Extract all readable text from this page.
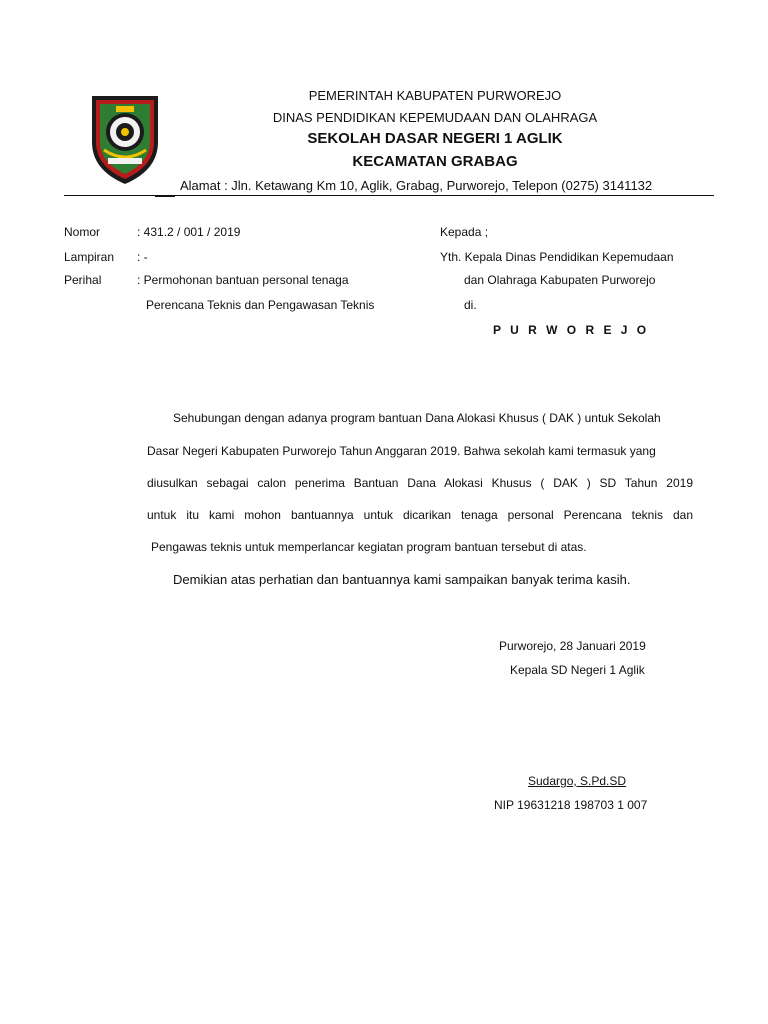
PEMERINTAH KABUPATEN PURWOREJO
DINAS PENDIDIKAN KEPEMUDAAN DAN OLAHRAGA
SEKOLAH DASAR NEGERI 1 AGLIK
KECAMATAN GRABAG
Alamat : Jln. Ketawang Km 10, Aglik, Grabag, Purworejo, Telepon (0275) 3141132
Nomor	: 431.2 / 001 / 2019
Lampiran : -
Perihal	: Permohonan bantuan personal tenaga
Perencana Teknis dan Pengawasan Teknis
Kepada ;
Yth. Kepala Dinas Pendidikan Kepemudaan
dan Olahraga Kabupaten Purworejo
di.
P U R W O R E J O
Sehubungan dengan adanya program bantuan Dana Alokasi Khusus ( DAK ) untuk Sekolah
Dasar Negeri Kabupaten Purworejo Tahun Anggaran 2019. Bahwa sekolah kami termasuk yang
diusulkan sebagai calon penerima Bantuan Dana Alokasi Khusus ( DAK ) SD Tahun 2019
untuk itu kami mohon bantuannya untuk dicarikan tenaga personal Perencana teknis dan
Pengawas teknis untuk memperlancar kegiatan program bantuan tersebut di atas.
Demikian atas perhatian dan bantuannya kami sampaikan banyak terima kasih.
Purworejo, 28 Januari 2019
Kepala SD Negeri 1 Aglik
Sudargo, S.Pd.SD
NIP 19631218 198703 1 007
